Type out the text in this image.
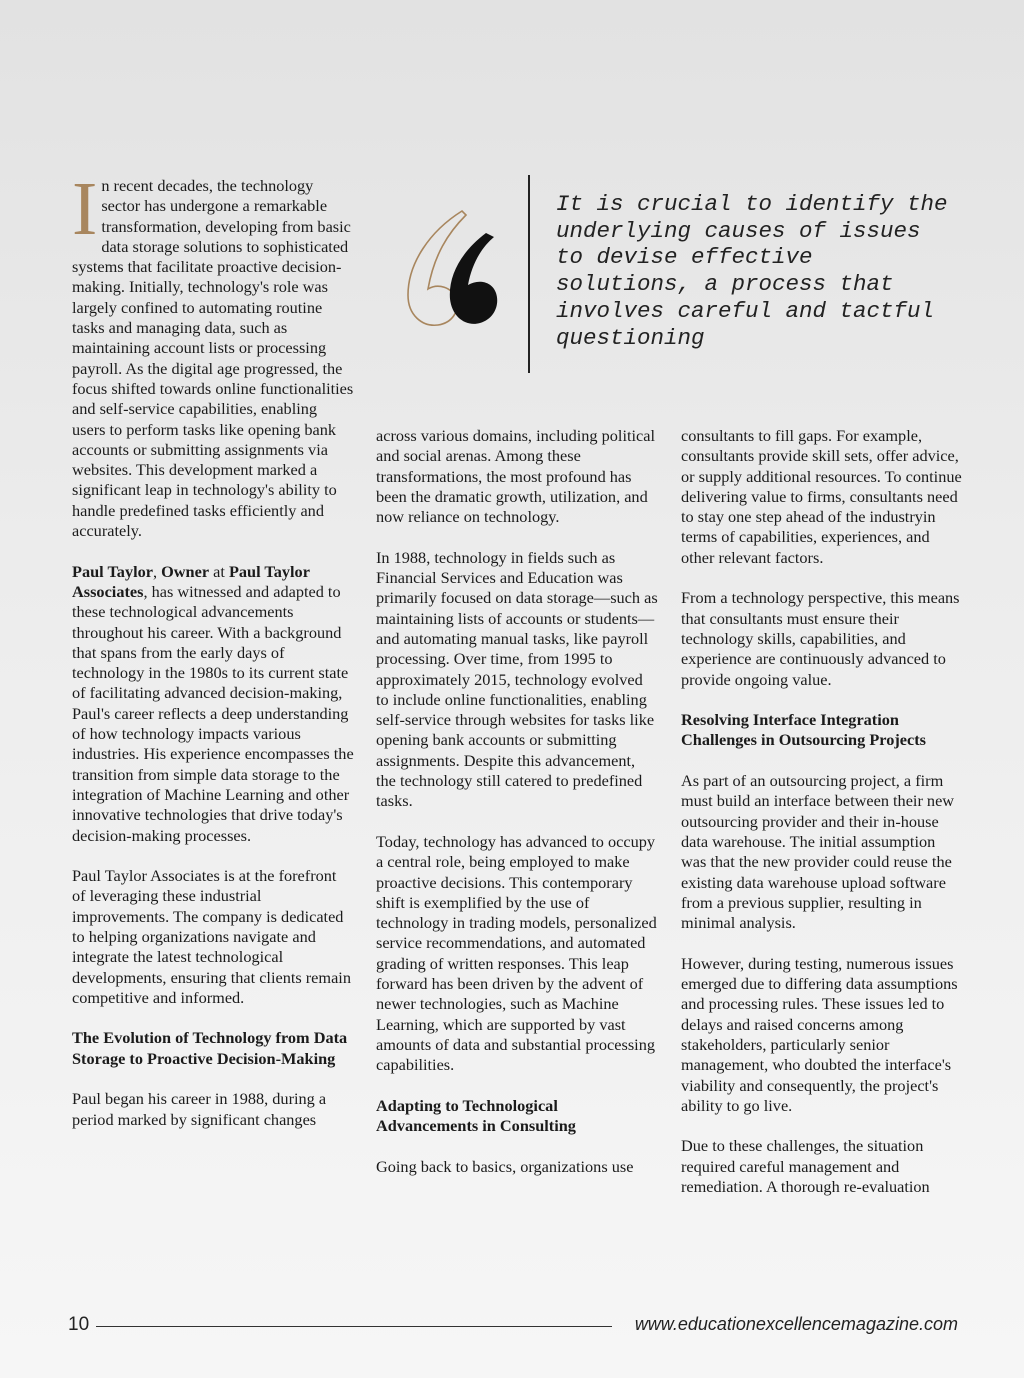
In recent decades, the technology sector has undergone a remarkable transformation, developing from basic data storage solutions to sophisticated systems that facilitate proactive decision-making. Initially, technology's role was largely confined to automating routine tasks and managing data, such as maintaining account lists or processing payroll. As the digital age progressed, the focus shifted towards online functionalities and self-service capabilities, enabling users to perform tasks like opening bank accounts or submitting assignments via websites. This development marked a significant leap in technology's ability to handle predefined tasks efficiently and accurately.

Paul Taylor, Owner at Paul Taylor Associates, has witnessed and adapted to these technological advancements throughout his career. With a background that spans from the early days of technology in the 1980s to its current state of facilitating advanced decision-making, Paul's career reflects a deep understanding of how technology impacts various industries. His experience encompasses the transition from simple data storage to the integration of Machine Learning and other innovative technologies that drive today's decision-making processes.

Paul Taylor Associates is at the forefront of leveraging these industrial improvements. The company is dedicated to helping organizations navigate and integrate the latest technological developments, ensuring that clients remain competitive and informed.

The Evolution of Technology from Data Storage to Proactive Decision-Making

Paul began his career in 1988, during a period marked by significant changes

It is crucial to identify the underlying causes of issues to devise effective solutions, a process that involves careful and tactful questioning

across various domains, including political and social arenas. Among these transformations, the most profound has been the dramatic growth, utilization, and now reliance on technology.

In 1988, technology in fields such as Financial Services and Education was primarily focused on data storage—such as maintaining lists of accounts or students—and automating manual tasks, like payroll processing. Over time, from 1995 to approximately 2015, technology evolved to include online functionalities, enabling self-service through websites for tasks like opening bank accounts or submitting assignments. Despite this advancement, the technology still catered to predefined tasks.

Today, technology has advanced to occupy a central role, being employed to make proactive decisions. This contemporary shift is exemplified by the use of technology in trading models, personalized service recommendations, and automated grading of written responses. This leap forward has been driven by the advent of newer technologies, such as Machine Learning, which are supported by vast amounts of data and substantial processing capabilities.

Adapting to Technological Advancements in Consulting

Going back to basics, organizations use

consultants to fill gaps. For example, consultants provide skill sets, offer advice, or supply additional resources. To continue delivering value to firms, consultants need to stay one step ahead of the industryin terms of capabilities, experiences, and other relevant factors.

From a technology perspective, this means that consultants must ensure their technology skills, capabilities, and experience are continuously advanced to provide ongoing value.

Resolving Interface Integration Challenges in Outsourcing Projects

As part of an outsourcing project, a firm must build an interface between their new outsourcing provider and their in-house data warehouse. The initial assumption was that the new provider could reuse the existing data warehouse upload software from a previous supplier, resulting in minimal analysis.

However, during testing, numerous issues emerged due to differing data assumptions and processing rules. These issues led to delays and raised concerns among stakeholders, particularly senior management, who doubted the interface's viability and consequently, the project's ability to go live.

Due to these challenges, the situation required careful management and remediation. A thorough re-evaluation

10	www.educationexcellencemagazine.com
